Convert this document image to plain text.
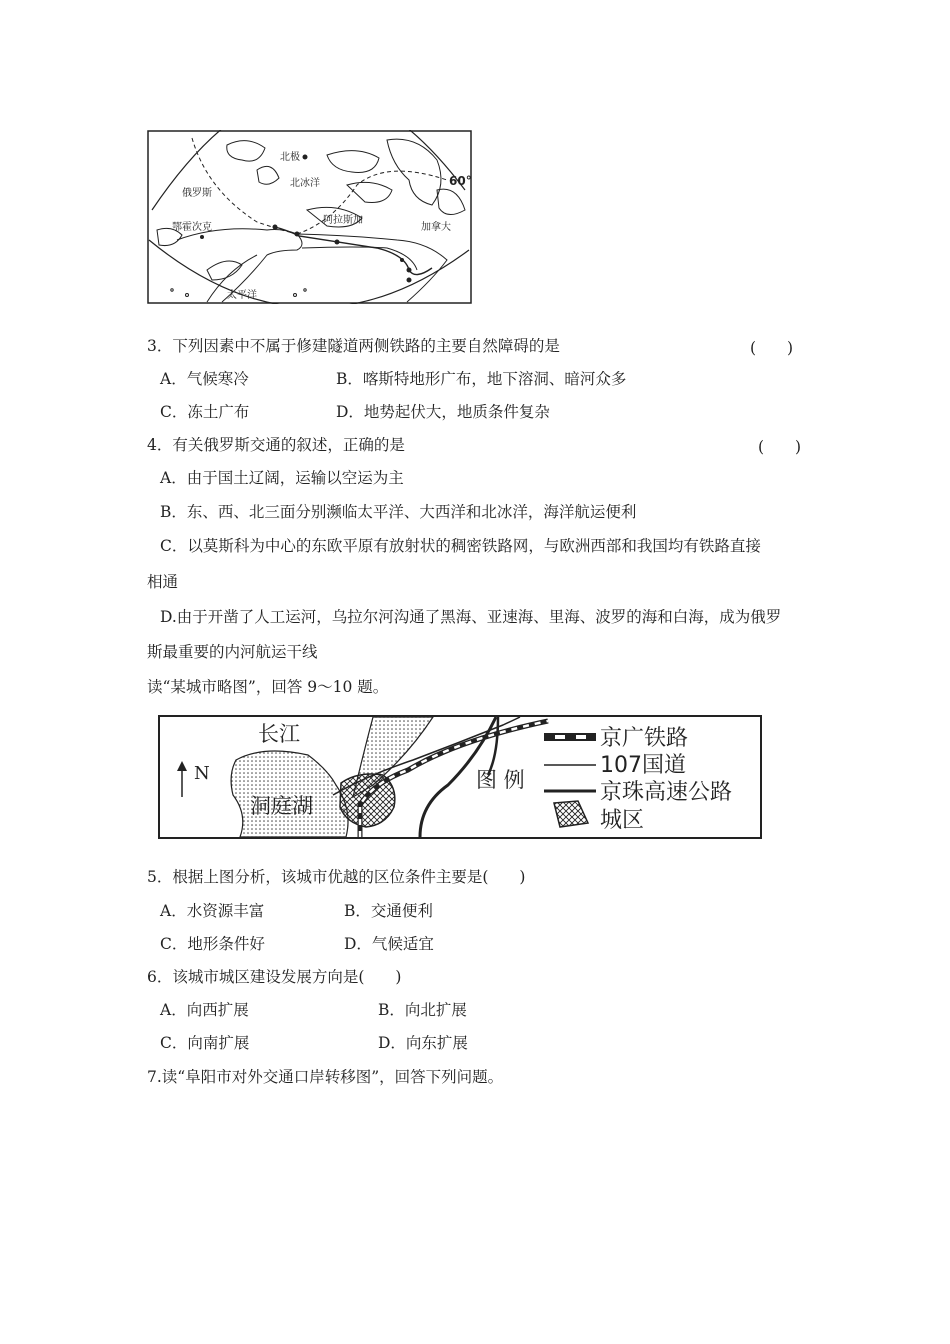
北极
北冰洋	60°
俄罗斯
鄂霍次克
阿拉斯加
加拿大
太平洋
3．下列因素中不属于修建隧道两侧铁路的主要自然障碍的是	(　　)
A．气候寒冷	B．喀斯特地形广布，地下溶洞、暗河众多
C．冻土广布	D．地势起伏大，地质条件复杂
4．有关俄罗斯交通的叙述，正确的是	(　　)
A．由于国土辽阔，运输以空运为主
B．东、西、北三面分别濒临太平洋、大西洋和北冰洋，海洋航运便利
C．以莫斯科为中心的东欧平原有放射状的稠密铁路网，与欧洲西部和我国均有铁路直接
相通
D.由于开凿了人工运河，乌拉尔河沟通了黑海、亚速海、里海、波罗的海和白海，成为俄罗
斯最重要的内河航运干线
读“某城市略图”，回答 9～10 题。
N
长江
洞庭湖
图 例
京广铁路
107国道
京珠高速公路
城区
5．根据上图分析，该城市优越的区位条件主要是(　　)
A．水资源丰富	B．交通便利
C．地形条件好	D．气候适宜
6．该城市城区建设发展方向是(　　)
A．向西扩展	B．向北扩展
C．向南扩展	D．向东扩展
7.读“阜阳市对外交通口岸转移图”，回答下列问题。
